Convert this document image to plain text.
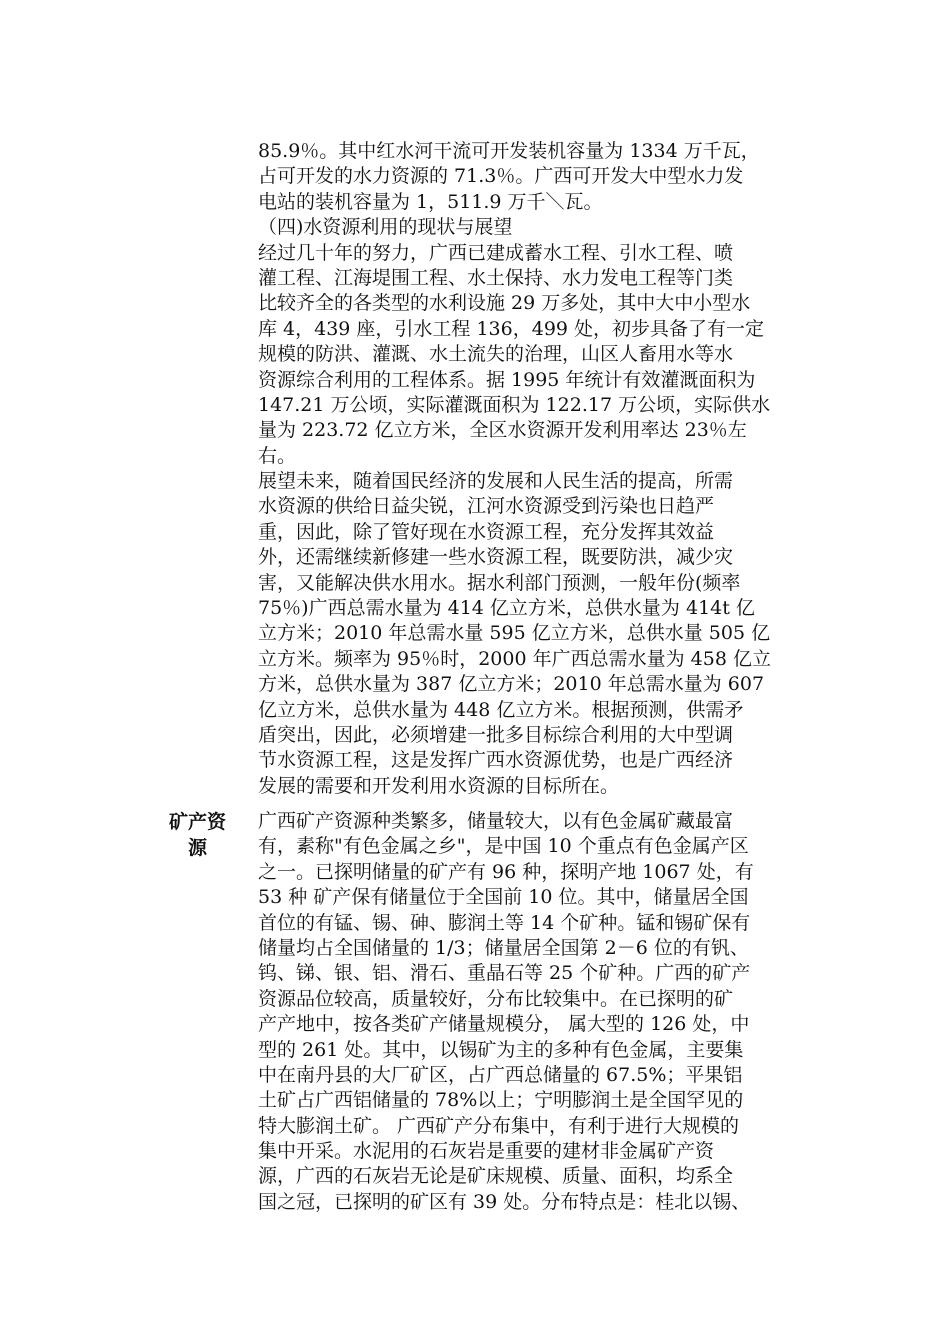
85.9％。其中红水河干流可开发装机容量为 1334 万千瓦，
占可开发的水力资源的 71.3％。广西可开发大中型水力发
电站的装机容量为 1，511.9 万千＼瓦。
（四)水资源利用的现状与展望
经过几十年的努力，广西已建成蓄水工程、引水工程、喷
灌工程、江海堤围工程、水土保持、水力发电工程等门类
比较齐全的各类型的水利设施 29 万多处，其中大中小型水
库 4，439 座，引水工程 136，499 处，初步具备了有一定
规模的防洪、灌溉、水土流失的治理，山区人畜用水等水
资源综合利用的工程体系。据 1995 年统计有效灌溉面积为
147.21 万公顷，实际灌溉面积为 122.17 万公顷，实际供水
量为 223.72 亿立方米，全区水资源开发利用率达 23％左
右。
展望未来，随着国民经济的发展和人民生活的提高，所需
水资源的供给日益尖锐，江河水资源受到污染也日趋严
重，因此，除了管好现在水资源工程，充分发挥其效益
外，还需继续新修建一些水资源工程，既要防洪，减少灾
害，又能解决供水用水。据水利部门预测，一般年份(频率
75％)广西总需水量为 414 亿立方米，总供水量为 414t 亿
立方米；2010 年总需水量 595 亿立方米，总供水量 505 亿
立方米。频率为 95％时，2000 年广西总需水量为 458 亿立
方米，总供水量为 387 亿立方米；2010 年总需水量为 607
亿立方米，总供水量为 448 亿立方米。根据预测，供需矛
盾突出，因此，必须增建一批多目标综合利用的大中型调
节水资源工程，这是发挥广西水资源优势，也是广西经济
发展的需要和开发利用水资源的目标所在。
矿产资
源
广西矿产资源种类繁多，储量较大，以有色金属矿藏最富
有，素称"有色金属之乡"，是中国 10 个重点有色金属产区
之一。已探明储量的矿产有 96 种，探明产地 1067 处，有
53 种 矿产保有储量位于全国前 10 位。其中，储量居全国
首位的有锰、锡、砷、膨润土等 14 个矿种。锰和锡矿保有
储量均占全国储量的 1/3；储量居全国第 2－6 位的有钒、
钨、锑、银、铝、滑石、重晶石等 25 个矿种。广西的矿产
资源品位较高，质量较好，分布比较集中。在已探明的矿
产产地中，按各类矿产储量规模分， 属大型的 126 处，中
型的 261 处。其中，以锡矿为主的多种有色金属，主要集
中在南丹县的大厂矿区，占广西总储量的 67.5%；平果铝
土矿占广西铝储量的 78%以上；宁明膨润土是全国罕见的
特大膨润土矿。 广西矿产分布集中，有利于进行大规模的
集中开采。水泥用的石灰岩是重要的建材非金属矿产资
源，广西的石灰岩无论是矿床规模、质量、面积，均系全
国之冠，已探明的矿区有 39 处。分布特点是：桂北以锡、
